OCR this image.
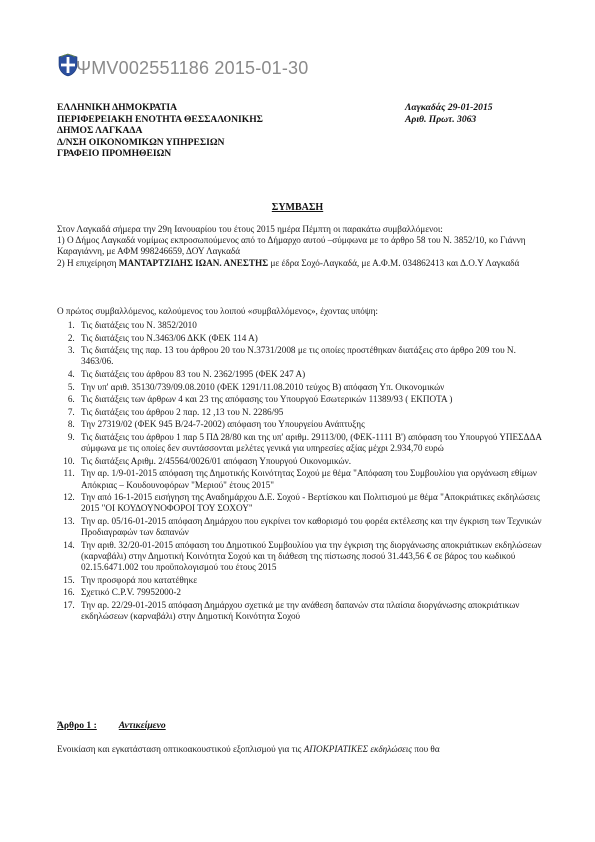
ΨΜV002551186 2015-01-30
ΕΛΛΗΝΙΚΗ ΔΗΜΟΚΡΑΤΙΑ
ΠΕΡΙΦΕΡΕΙΑΚΗ ΕΝΟΤΗΤΑ ΘΕΣΣΑΛΟΝΙΚΗΣ
ΔΗΜΟΣ ΛΑΓΚΑΔΑ
Δ/ΝΣΗ ΟΙΚΟΝΟΜΙΚΩΝ ΥΠΗΡΕΣΙΩΝ
ΓΡΑΦΕΙΟ ΠΡΟΜΗΘΕΙΩΝ
Λαγκαδάς 29-01-2015
Αριθ. Πρωτ. 3063
ΣΥΜΒΑΣΗ

Στον Λαγκαδά σήμερα την 29η Ιανουαρίου του έτους 2015 ημέρα Πέμπτη οι παρακάτω συμβαλλόμενοι:

1) Ο Δήμος Λαγκαδά νομίμως εκπροσωπούμενος από το Δήμαρχο αυτού –σύμφωνα με το άρθρο 58 του Ν. 3852/10, κο Γιάννη Καραγιάννη, με ΑΦΜ 998246659, ΔΟΥ Λαγκαδά

2) Η επιχείρηση ΜΑΝΤΑΡΤΖΙΔΗΣ ΙΩΑΝ. ΑΝΕΣΤΗΣ με έδρα Σοχό-Λαγκαδά, με Α.Φ.Μ. 034862413 και Δ.Ο.Υ Λαγκαδά

Ο πρώτος συμβαλλόμενος, καλούμενος του λοιπού «συμβαλλόμενος», έχοντας υπόψη:
1. Τις διατάξεις του Ν. 3852/2010
2. Τις διατάξεις του Ν.3463/06 ΔΚΚ (ΦΕΚ 114 Α)
3. Τις διατάξεις της παρ. 13 του άρθρου 20 του Ν.3731/2008 με τις οποίες προστέθηκαν διατάξεις στο άρθρο 209 του Ν. 3463/06.
4. Τις διατάξεις του άρθρου 83 του Ν. 2362/1995 (ΦΕΚ 247 Α)
5. Την υπ' αριθ. 35130/739/09.08.2010 (ΦΕΚ 1291/11.08.2010 τεύχος Β) απόφαση Υπ. Οικονομικών
6. Τις διατάξεις των άρθρων 4 και 23 της απόφασης του Υπουργού Εσωτερικών 11389/93 ( ΕΚΠΟΤΑ )
7. Τις διατάξεις του άρθρου 2 παρ. 12 ,13 του Ν. 2286/95
8. Την 27319/02 (ΦΕΚ 945 Β/24-7-2002) απόφαση του Υπουργείου Ανάπτυξης
9. Τις διατάξεις του άρθρου 1 παρ 5 ΠΔ 28/80 και της υπ' αριθμ. 29113/00, (ΦΕΚ-1111 Β') απόφαση του Υπουργού ΥΠΕΣΔΔΑ σύμφωνα με τις οποίες δεν συντάσσονται μελέτες γενικά για υπηρεσίες αξίας μέχρι 2.934,70 ευρώ
10. Τις διατάξεις Αριθμ. 2/45564/0026/01 απόφαση Υπουργού Οικονομικών.
11. Την αρ. 1/9-01-2015 απόφαση της Δημοτικής Κοινότητας Σοχού με θέμα "Απόφαση του Συμβουλίου για οργάνωση εθίμων Απόκριας – Κουδουνοφόρων "Μεριού" έτους 2015"
12. Την από 16-1-2015 εισήγηση της Αναδημάρχου Δ.Ε. Σοχού - Βερτίσκου και Πολιτισμού με θέμα "Αποκριάτικες εκδηλώσεις 2015 "ΟΙ ΚΟΥΔΟΥΝΟΦΟΡΟΙ ΤΟΥ ΣΟΧΟΥ"
13. Την αρ. 05/16-01-2015 απόφαση Δημάρχου που εγκρίνει τον καθορισμό του φορέα εκτέλεσης και την έγκριση των Τεχνικών Προδιαγραφών των δαπανών
14. Την αριθ. 32/20-01-2015 απόφαση του Δημοτικού Συμβουλίου για την έγκριση της διοργάνωσης αποκριάτικων εκδηλώσεων (καρναβάλι) στην Δημοτική Κοινότητα Σοχού και τη διάθεση της πίστωσης ποσού 31.443,56 € σε βάρος του κωδικού 02.15.6471.002 του προϋπολογισμού του έτους 2015
15. Την προσφορά που κατατέθηκε
16. Σχετικό C.P.V. 79952000-2
17. Την αρ. 22/29-01-2015 απόφαση Δημάρχου σχετικά με την ανάθεση δαπανών στα πλαίσια διοργάνωσης αποκριάτικων εκδηλώσεων (καρναβάλι) στην Δημοτική Κοινότητα Σοχού
Άρθρο 1 : Αντικείμενο
Ενοικίαση και εγκατάσταση οπτικοακουστικού εξοπλισμού για τις ΑΠΟΚΡΙΑΤΙΚΕΣ εκδηλώσεις που θα
